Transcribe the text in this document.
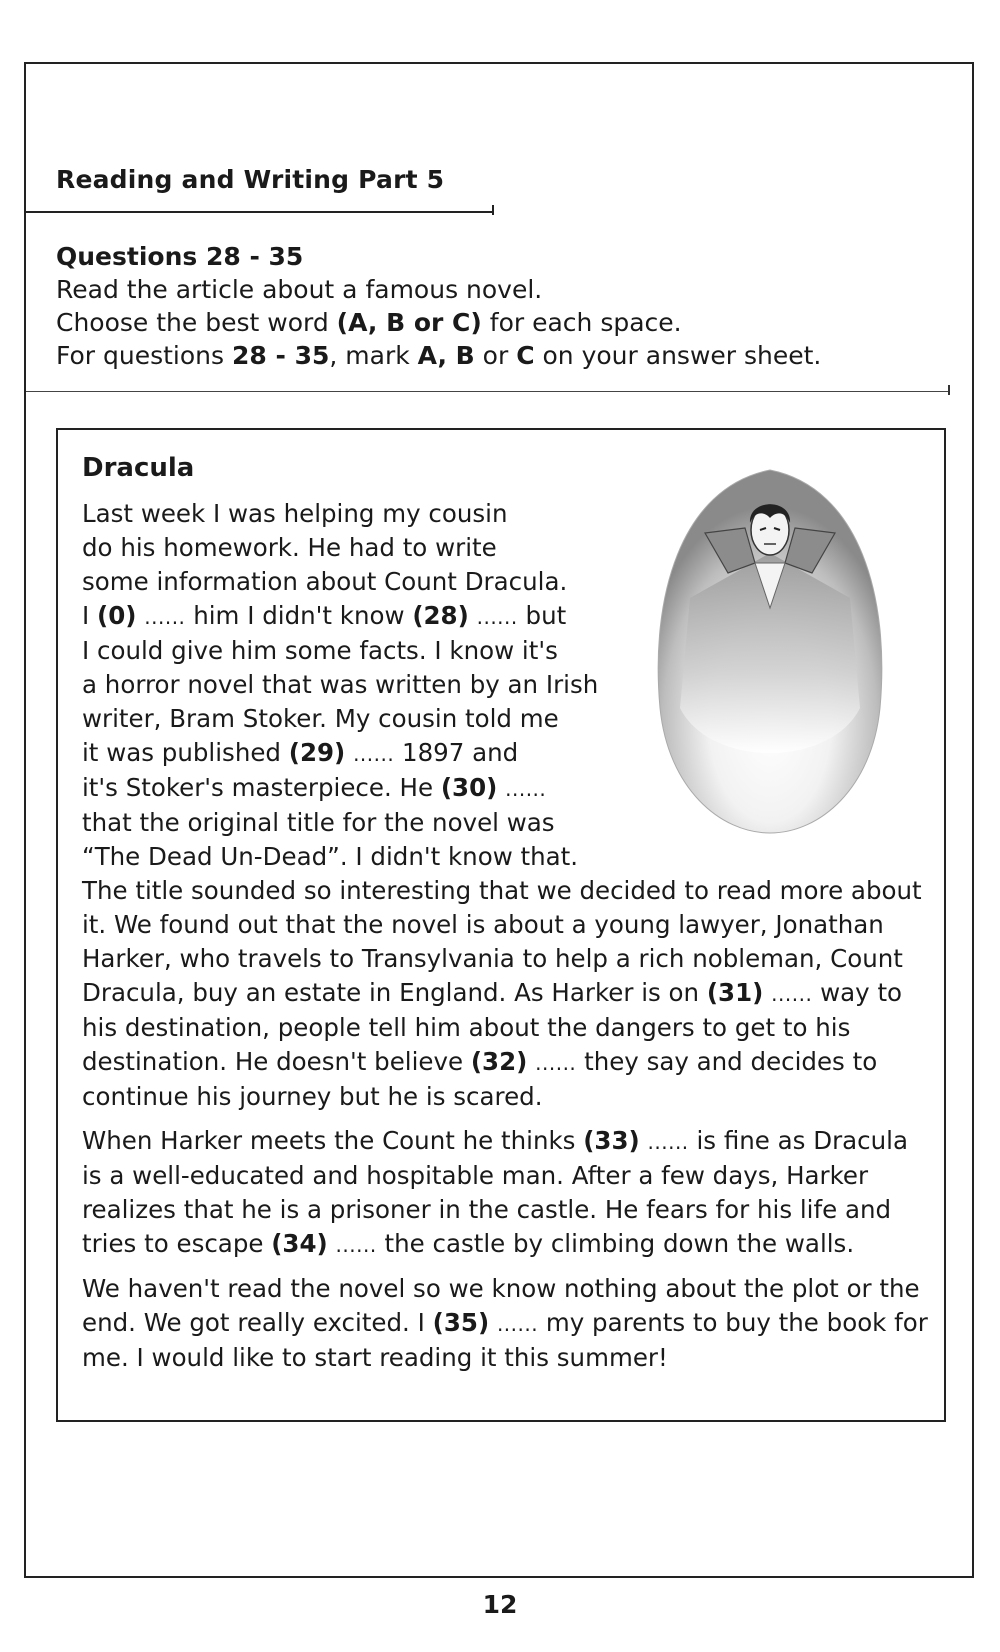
Reading and Writing Part 5
Questions 28 - 35
Read the article about a famous novel.
Choose the best word (A, B or C) for each space.
For questions 28 - 35, mark A, B or C on your answer sheet.
Dracula
Last week I was helping my cousin
do his homework. He had to write
some information about Count Dracula.
I (0) ...... him I didn't know (28) ...... but
I could give him some facts. I know it's
a horror novel that was written by an Irish
writer, Bram Stoker. My cousin told me
it was published (29) ...... 1897 and
it's Stoker's masterpiece. He (30) ......
that the original title for the novel was
“The Dead Un-Dead”. I didn't know that.

The title sounded so interesting that we decided to read more about it. We found out that the novel is about a young lawyer, Jonathan Harker, who travels to Transylvania to help a rich nobleman, Count Dracula, buy an estate in England. As Harker is on (31) ...... way to his destination, people tell him about the dangers to get to his destination. He doesn't believe (32) ...... they say and decides to continue his journey but he is scared.

When Harker meets the Count he thinks (33) ...... is fine as Dracula is a well-educated and hospitable man. After a few days, Harker realizes that he is a prisoner in the castle. He fears for his life and tries to escape (34) ...... the castle by climbing down the walls.

We haven't read the novel so we know nothing about the plot or the end. We got really excited. I (35) ...... my parents to buy the book for me. I would like to start reading it this summer!

12
